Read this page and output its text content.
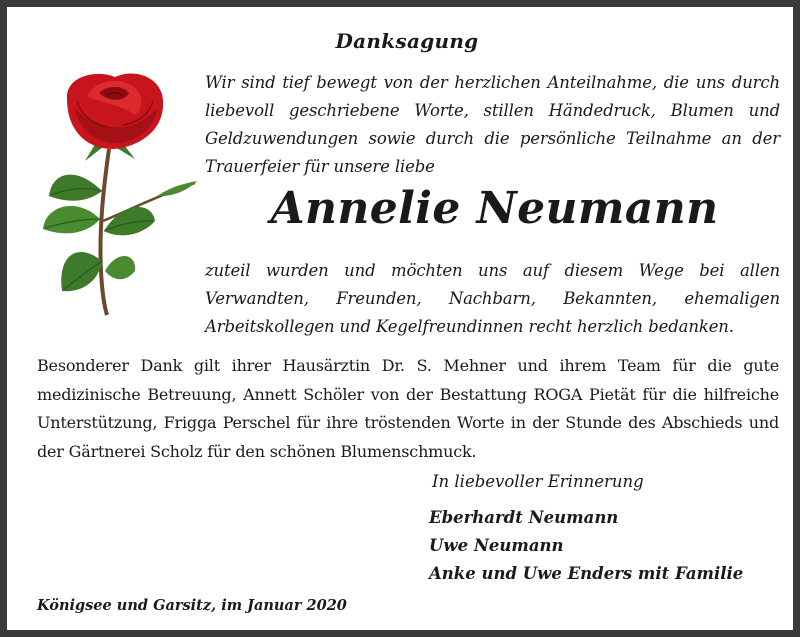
Danksagung
Wir sind tief bewegt von der herzlichen Anteilnahme, die uns durch liebevoll geschriebene Worte, stillen Händedruck, Blumen und Geldzuwendungen sowie durch die persönliche Teilnahme an der Trauerfeier für unsere liebe
Annelie Neumann
zuteil wurden und möchten uns auf diesem Wege bei allen Verwandten, Freunden, Nachbarn, Bekannten, ehemaligen Arbeitskollegen und Kegelfreundinnen recht herzlich bedanken.
Besonderer Dank gilt ihrer Hausärztin Dr. S. Mehner und ihrem Team für die gute medizinische Betreuung, Annett Schöler von der Bestattung ROGA Pietät für die hilfreiche Unterstützung, Frigga Perschel für ihre tröstenden Worte in der Stunde des Abschieds und der Gärtnerei Scholz für den schönen Blumenschmuck.
In liebevoller Erinnerung
Eberhardt Neumann
Uwe Neumann
Anke und Uwe Enders mit Familie
Königsee und Garsitz, im Januar 2020
